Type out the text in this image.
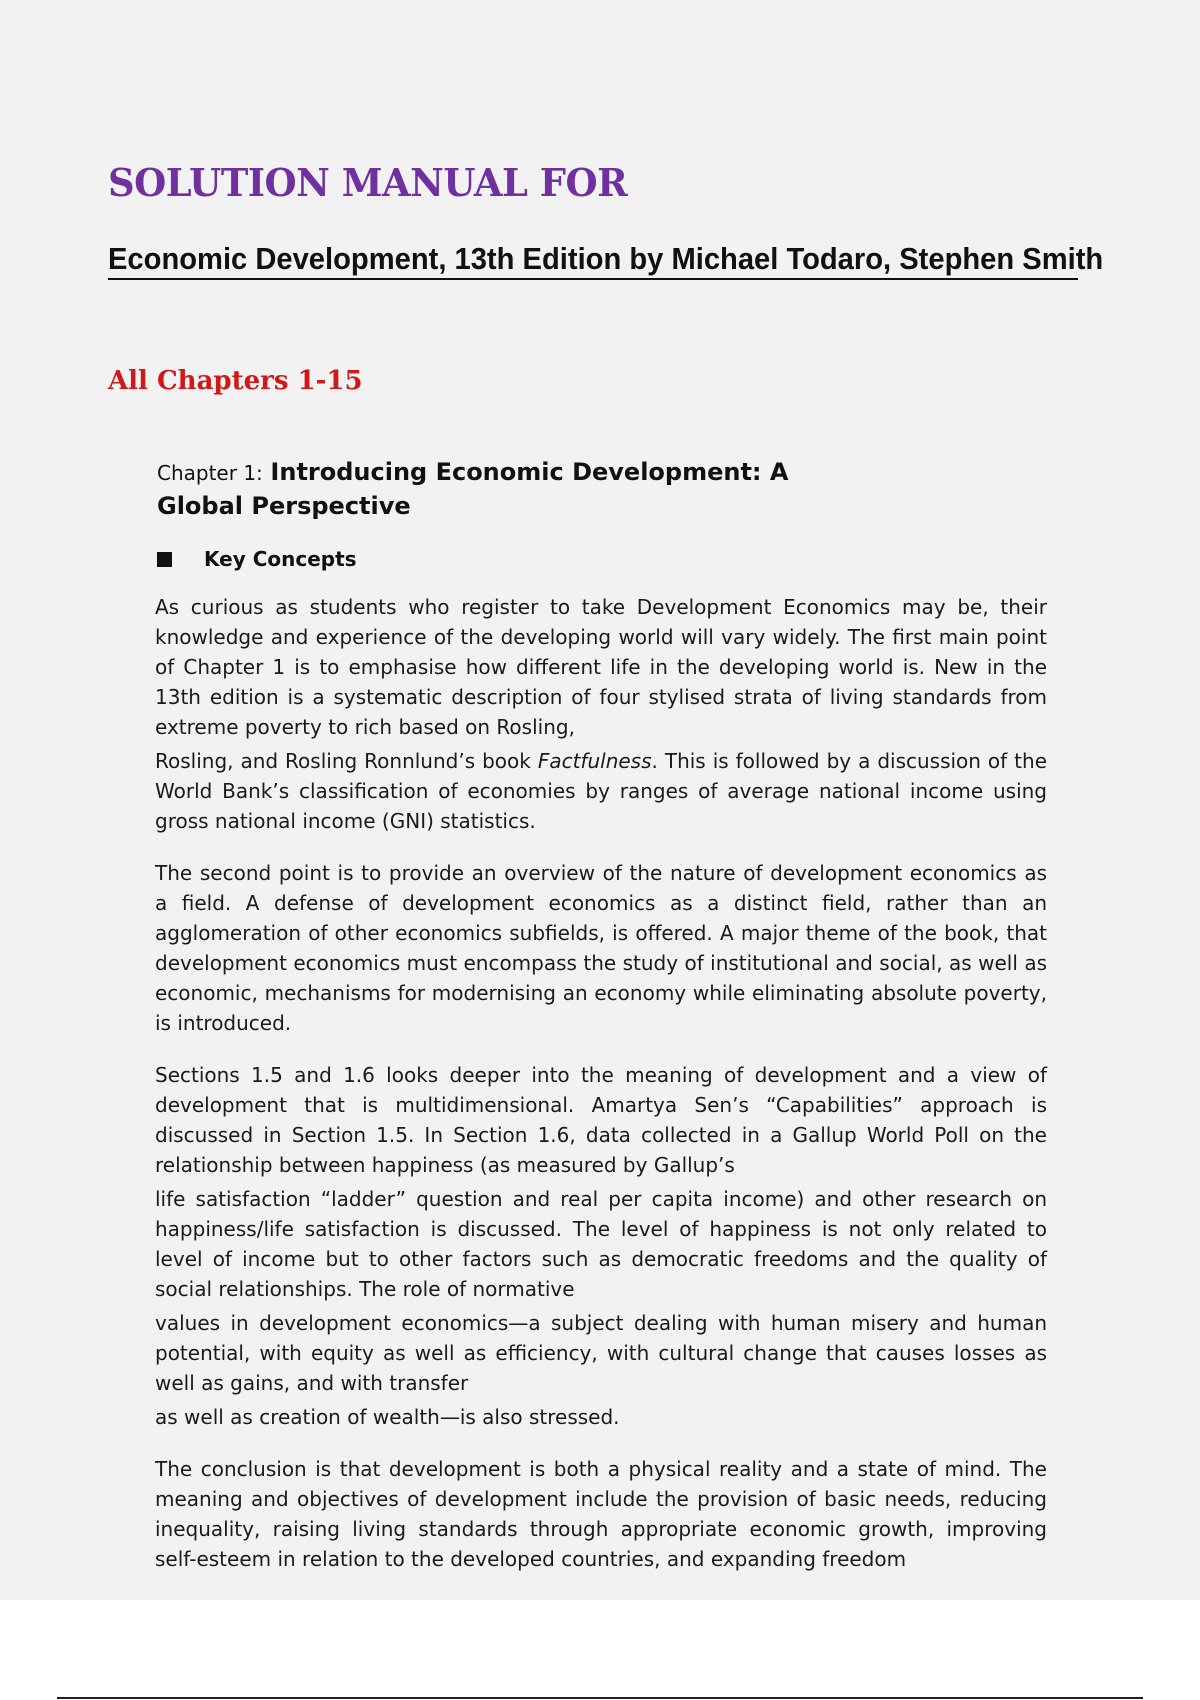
SOLUTION MANUAL FOR
Economic Development, 13th Edition by Michael Todaro, Stephen Smith
All Chapters 1-15
Chapter 1: Introducing Economic Development: A Global Perspective
Key Concepts

As curious as students who register to take Development Economics may be, their knowledge and experience of the developing world will vary widely. The first main point of Chapter 1 is to emphasise how different life in the developing world is. New in the 13th edition is a systematic description of four stylised strata of living standards from extreme poverty to rich based on Rosling,

Rosling, and Rosling Ronnlund’s book Factfulness. This is followed by a discussion of the World Bank’s classification of economies by ranges of average national income using gross national income (GNI) statistics.

The second point is to provide an overview of the nature of development economics as a field. A defense of development economics as a distinct field, rather than an agglomeration of other economics subfields, is offered. A major theme of the book, that development economics must encompass the study of institutional and social, as well as economic, mechanisms for modernising an economy while eliminating absolute poverty, is introduced.

Sections 1.5 and 1.6 looks deeper into the meaning of development and a view of development that is multidimensional. Amartya Sen’s “Capabilities” approach is discussed in Section 1.5. In Section 1.6, data collected in a Gallup World Poll on the relationship between happiness (as measured by Gallup’s

life satisfaction “ladder” question and real per capita income) and other research on happiness/life satisfaction is discussed. The level of happiness is not only related to level of income but to other factors such as democratic freedoms and the quality of social relationships. The role of normative

values in development economics—a subject dealing with human misery and human potential, with equity as well as efficiency, with cultural change that causes losses as well as gains, and with transfer

as well as creation of wealth—is also stressed.

The conclusion is that development is both a physical reality and a state of mind. The meaning and objectives of development include the provision of basic needs, reducing inequality, raising living standards through appropriate economic growth, improving self-esteem in relation to the developed countries, and expanding freedom
